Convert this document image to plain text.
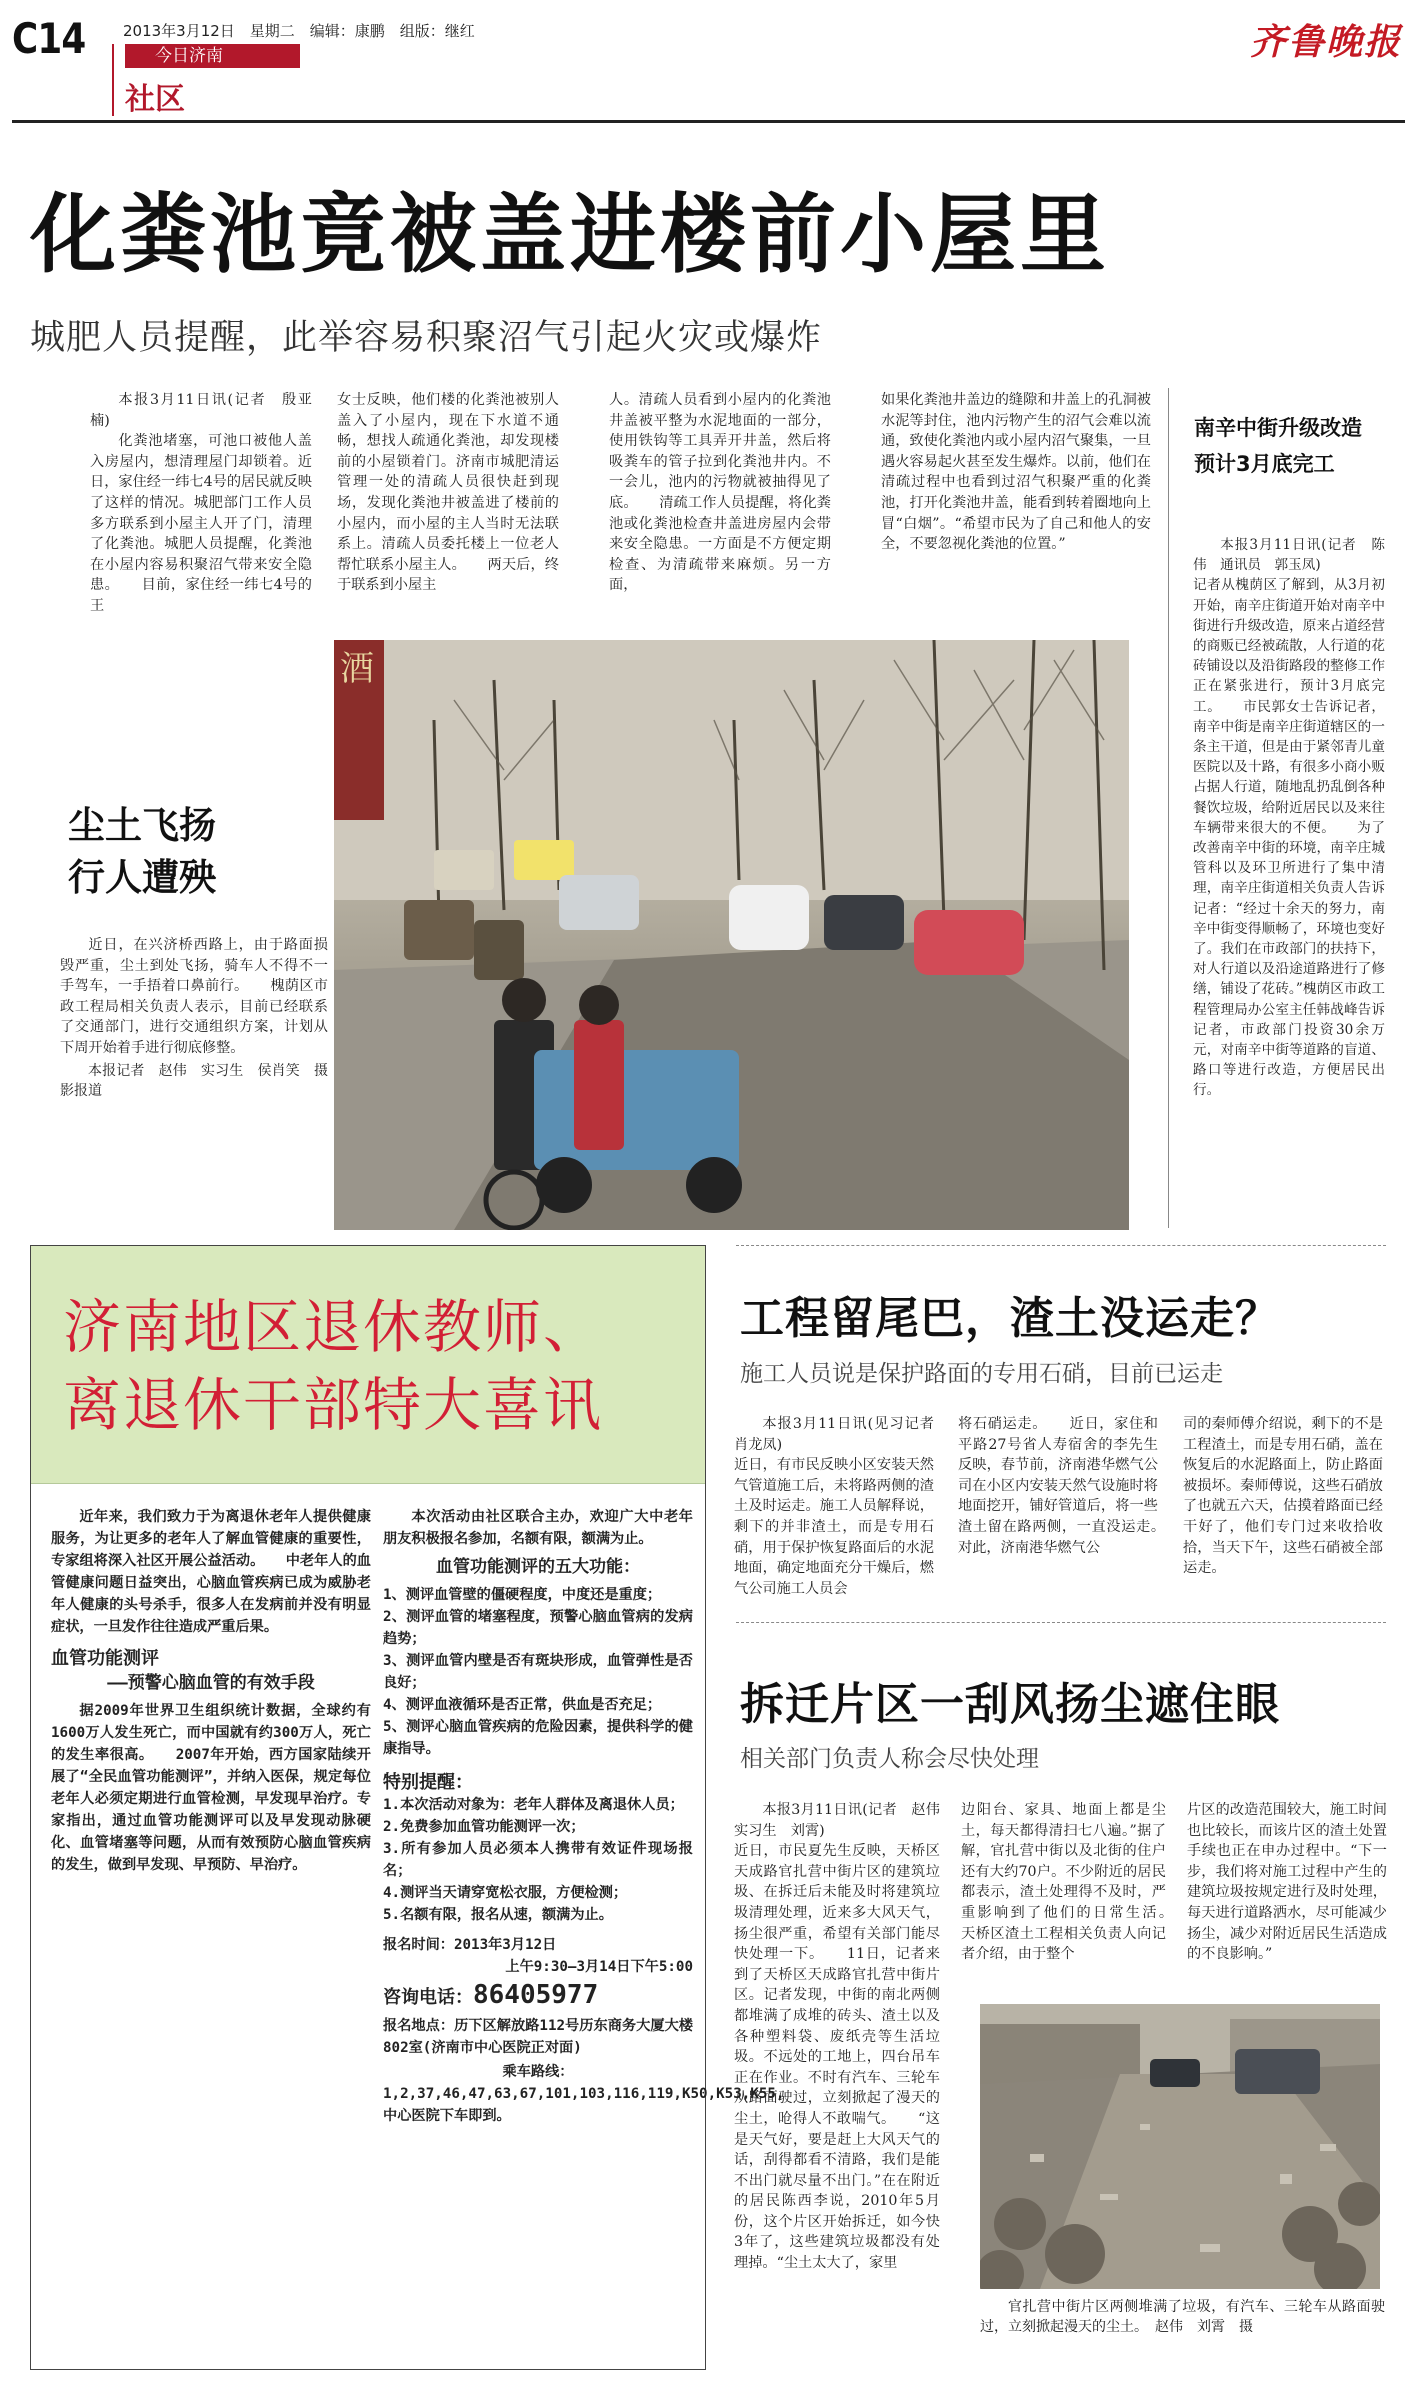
C14	2013年3月12日　星期二　编辑：康鹏　组版：继红
今日济南
社区
齐鲁晚报
化粪池竟被盖进楼前小屋里
城肥人员提醒，此举容易积聚沼气引起火灾或爆炸
本报3月11日讯(记者　殷亚楠)

化粪池堵塞，可池口被他人盖入房屋内，想清理屋门却锁着。近日，家住经一纬七4号的居民就反映了这样的情况。城肥部门工作人员多方联系到小屋主人开了门，清理了化粪池。城肥人员提醒，化粪池在小屋内容易积聚沼气带来安全隐患。　　目前，家住经一纬七4号的王

女士反映，他们楼的化粪池被别人盖入了小屋内，现在下水道不通畅，想找人疏通化粪池，却发现楼前的小屋锁着门。济南市城肥清运管理一处的清疏人员很快赶到现场，发现化粪池井被盖进了楼前的小屋内，而小屋的主人当时无法联系上。清疏人员委托楼上一位老人帮忙联系小屋主人。　　两天后，终于联系到小屋主

人。清疏人员看到小屋内的化粪池井盖被平整为水泥地面的一部分，使用铁钩等工具弄开井盖，然后将吸粪车的管子拉到化粪池井内。不一会儿，池内的污物就被抽得见了底。　　清疏工作人员提醒，将化粪池或化粪池检查井盖进房屋内会带来安全隐患。一方面是不方便定期检查、为清疏带来麻烦。另一方面，

如果化粪池井盖边的缝隙和井盖上的孔洞被水泥等封住，池内污物产生的沼气会难以流通，致使化粪池内或小屋内沼气聚集，一旦遇火容易起火甚至发生爆炸。以前，他们在清疏过程中也看到过沼气积聚严重的化粪池，打开化粪池井盖，能看到转着圈地向上冒“白烟”。“希望市民为了自己和他人的安全，不要忽视化粪池的位置。”

尘土飞扬
行人遭殃

近日，在兴济桥西路上，由于路面损毁严重，尘土到处飞扬，骑车人不得不一手驾车，一手捂着口鼻前行。　　槐荫区市政工程局相关负责人表示，目前已经联系了交通部门，进行交通组织方案，计划从下周开始着手进行彻底修整。

本报记者　赵伟　实习生　侯肖笑　摄影报道
酒
南辛中街升级改造
预计3月底完工
本报3月11日讯(记者　陈伟　通讯员　郭玉凤)

记者从槐荫区了解到，从3月初开始，南辛庄街道开始对南辛中街进行升级改造，原来占道经营的商贩已经被疏散，人行道的花砖铺设以及沿街路段的整修工作正在紧张进行，预计3月底完工。　　市民郭女士告诉记者，南辛中街是南辛庄街道辖区的一条主干道，但是由于紧邻青儿童医院以及十路，有很多小商小贩占据人行道，随地乱扔乱倒各种餐饮垃圾，给附近居民以及来往车辆带来很大的不便。　　为了改善南辛中街的环境，南辛庄城管科以及环卫所进行了集中清理，南辛庄街道相关负责人告诉记者：“经过十余天的努力，南辛中街变得顺畅了，环境也变好了。我们在市政部门的扶持下，对人行道以及沿途道路进行了修缮，铺设了花砖。”槐荫区市政工程管理局办公室主任韩战峰告诉记者，市政部门投资30余万元，对南辛中街等道路的盲道、路口等进行改造，方便居民出行。

济南地区退休教师、
离退休干部特大喜讯

近年来，我们致力于为离退休老年人提供健康服务，为让更多的老年人了解血管健康的重要性，专家组将深入社区开展公益活动。　　中老年人的血管健康问题日益突出，心脑血管疾病已成为威胁老年人健康的头号杀手，很多人在发病前并没有明显症状，一旦发作往往造成严重后果。

血管功能测评
——预警心脑血管的有效手段

据2009年世界卫生组织统计数据，全球约有1600万人发生死亡，而中国就有约300万人，死亡的发生率很高。　　2007年开始，西方国家陆续开展了“全民血管功能测评”，并纳入医保，规定每位老年人必须定期进行血管检测，早发现早治疗。专家指出，通过血管功能测评可以及早发现动脉硬化、血管堵塞等问题，从而有效预防心脑血管疾病的发生，做到早发现、早预防、早治疗。

本次活动由社区联合主办，欢迎广大中老年朋友积极报名参加，名额有限，额满为止。

血管功能测评的五大功能：
1、测评血管壁的僵硬程度，中度还是重度；
2、测评血管的堵塞程度，预警心脑血管病的发病趋势；
3、测评血管内壁是否有斑块形成，血管弹性是否良好；
4、测评血液循环是否正常，供血是否充足；
5、测评心脑血管疾病的危险因素，提供科学的健康指导。
特别提醒：
1.本次活动对象为：老年人群体及离退休人员；
2.免费参加血管功能测评一次；
3.所有参加人员必须本人携带有效证件现场报名；
4.测评当天请穿宽松衣服，方便检测；
5.名额有限，报名从速，额满为止。
报名时间：2013年3月12日
上午9:30—3月14日下午5:00
咨询电话：86405977
报名地点：历下区解放路112号历东商务大厦大楼802室(济南市中心医院正对面)
乘车路线：
1,2,37,46,47,63,67,101,103,116,119,K50,K53,K55,中心医院下车即到。
工程留尾巴，渣土没运走？
施工人员说是保护路面的专用石硝，目前已运走
本报3月11日讯(见习记者　肖龙凤)
近日，有市民反映小区安装天然气管道施工后，未将路两侧的渣土及时运走。施工人员解释说，剩下的并非渣土，而是专用石硝，用于保护恢复路面后的水泥地面，确定地面充分干燥后，燃气公司施工人员会
将石硝运走。　　近日，家住和平路27号省人寿宿舍的李先生反映，春节前，济南港华燃气公司在小区内安装天然气设施时将地面挖开，铺好管道后，将一些渣土留在路两侧，一直没运走。　　对此，济南港华燃气公
司的秦师傅介绍说，剩下的不是工程渣土，而是专用石硝，盖在恢复后的水泥路面上，防止路面被损坏。秦师傅说，这些石硝放了也就五六天，估摸着路面已经干好了，他们专门过来收拾收拾，当天下午，这些石硝被全部运走。
拆迁片区一刮风扬尘遮住眼
相关部门负责人称会尽快处理
本报3月11日讯(记者　赵伟　实习生　刘霄)
近日，市民夏先生反映，天桥区天成路官扎营中街片区的建筑垃圾、在拆迁后未能及时将建筑垃圾清理处理，近来多大风天气，扬尘很严重，希望有关部门能尽快处理一下。　　11日，记者来到了天桥区天成路官扎营中街片区。记者发现，中街的南北两侧都堆满了成堆的砖头、渣土以及各种塑料袋、废纸壳等生活垃圾。不远处的工地上，四台吊车正在作业。不时有汽车、三轮车从路面驶过，立刻掀起了漫天的尘土，呛得人不敢喘气。　　“这是天气好，要是赶上大风天气的话，刮得都看不清路，我们是能不出门就尽量不出门。”在在附近的居民陈西李说，2010年5月份，这个片区开始拆迁，如今快3年了，这些建筑垃圾都没有处理掉。“尘土太大了，家里
边阳台、家具、地面上都是尘土，每天都得清扫七八遍。”据了解，官扎营中街以及北街的住户还有大约70户。不少附近的居民都表示，渣土处理得不及时，严重影响到了他们的日常生活。　　天桥区渣土工程相关负责人向记者介绍，由于整个
片区的改造范围较大，施工时间也比较长，而该片区的渣土处置手续也正在申办过程中。“下一步，我们将对施工过程中产生的建筑垃圾按规定进行及时处理，每天进行道路洒水，尽可能减少扬尘，减少对附近居民生活造成的不良影响。”
官扎营中街片区两侧堆满了垃圾，有汽车、三轮车从路面驶过，立刻掀起漫天的尘土。　赵伟　刘霄　摄
